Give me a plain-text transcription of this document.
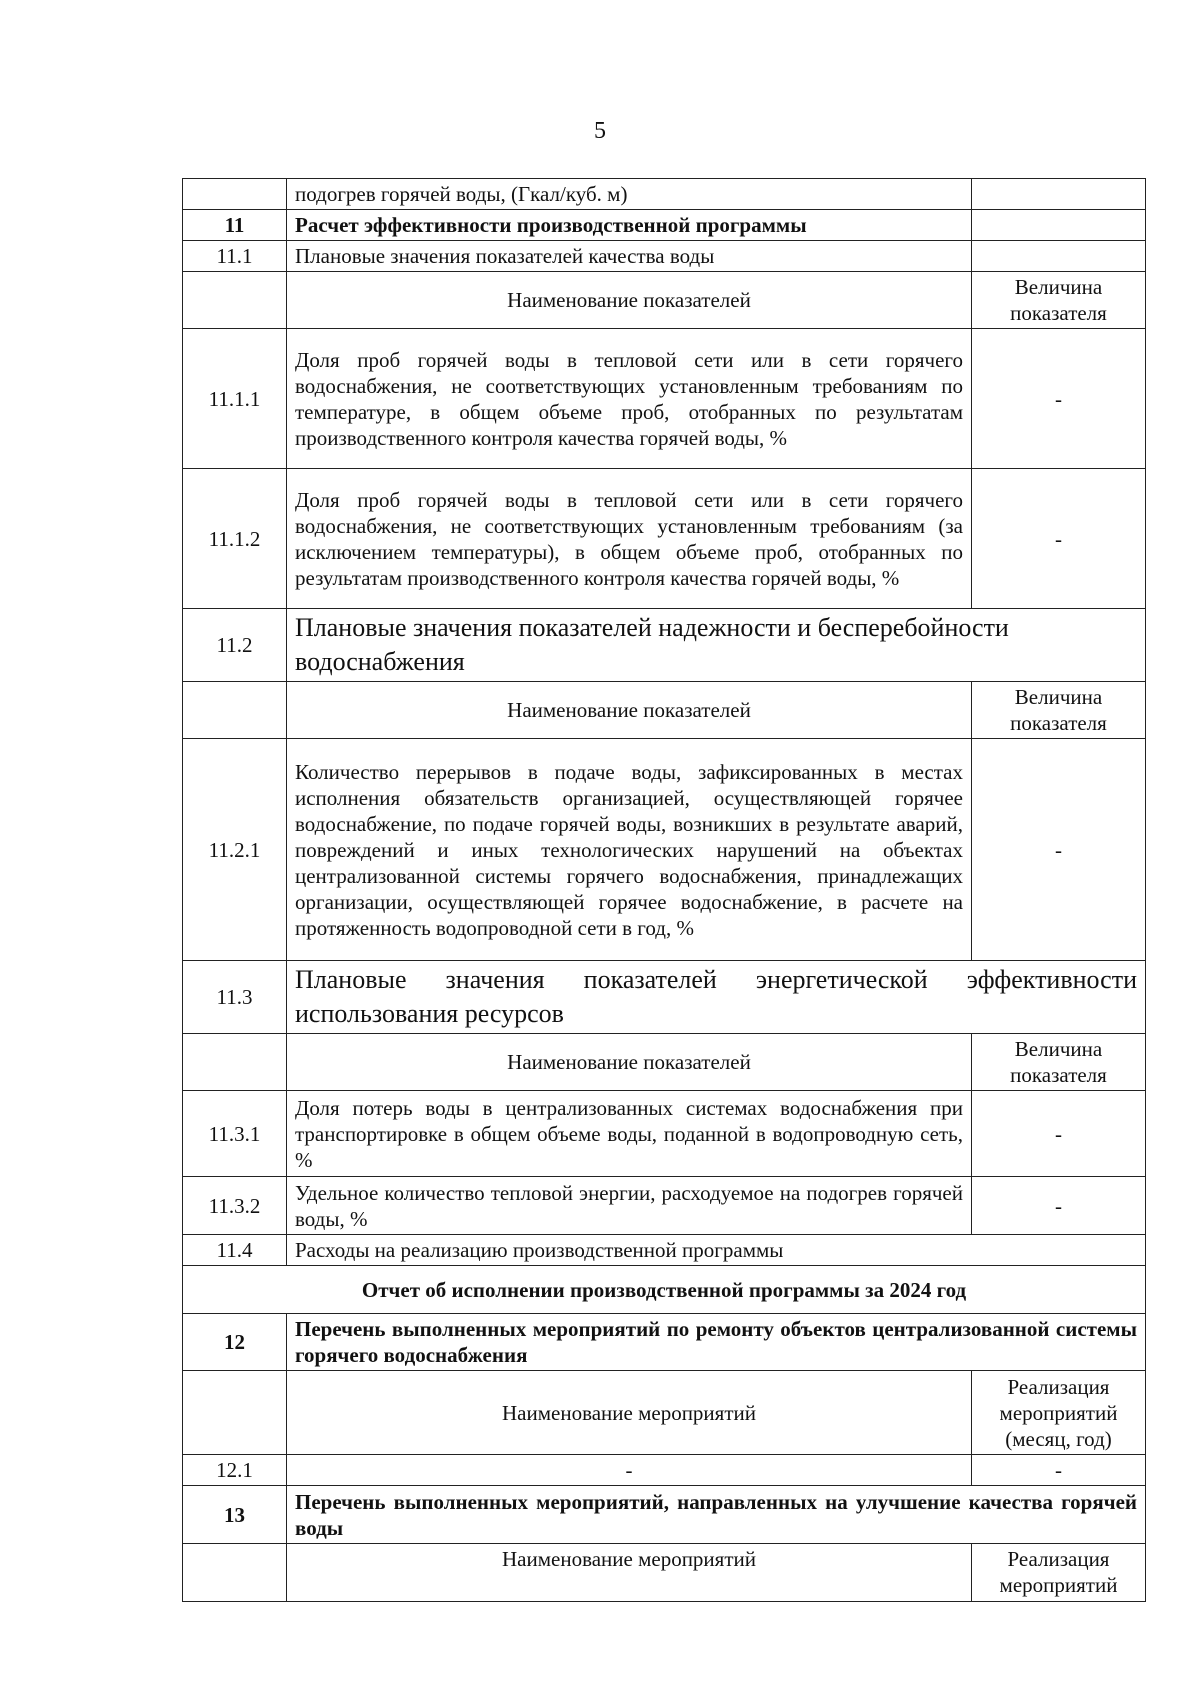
5
	подогрев горячей воды, (Гкал/куб. м)	
11	Расчет эффективности производственной программы	
11.1	Плановые значения показателей качества воды	
	Наименование показателей	Величина показателя
11.1.1	Доля проб горячей воды в тепловой сети или в сети горячего водоснабжения, не соответствующих установленным требованиям по температуре, в общем объеме проб, отобранных по результатам производственного контроля качества горячей воды, %	-
11.1.2	Доля проб горячей воды в тепловой сети или в сети горячего водоснабжения, не соответствующих установленным требованиям (за исключением температуры), в общем объеме проб, отобранных по результатам производственного контроля качества горячей воды, %	-
11.2	Плановые значения показателей надежности и бесперебойности водоснабжения	
	Наименование показателей	Величина показателя
11.2.1	Количество перерывов в подаче воды, зафиксированных в местах исполнения обязательств организацией, осуществляющей горячее водоснабжение, по подаче горячей воды, возникших в результате аварий, повреждений и иных технологических нарушений на объектах централизованной системы горячего водоснабжения, принадлежащих организации, осуществляющей горячее водоснабжение, в расчете на протяженность водопроводной сети в год, %	-
11.3	Плановые значения показателей энергетической эффективности использования ресурсов	
	Наименование показателей	Величина показателя
11.3.1	Доля потерь воды в централизованных системах водоснабжения при транспортировке в общем объеме воды, поданной в водопроводную сеть, %	-
11.3.2	Удельное количество тепловой энергии, расходуемое на подогрев горячей воды, %	-
11.4	Расходы на реализацию производственной программы	
Отчет об исполнении производственной программы за 2024 год		
12	Перечень выполненных мероприятий по ремонту объектов централизованной системы горячего водоснабжения	
	Наименование мероприятий	Реализация мероприятий (месяц, год)
12.1	-	-
13	Перечень выполненных мероприятий, направленных на улучшение качества горячей воды	
	Наименование мероприятий	Реализация мероприятий
